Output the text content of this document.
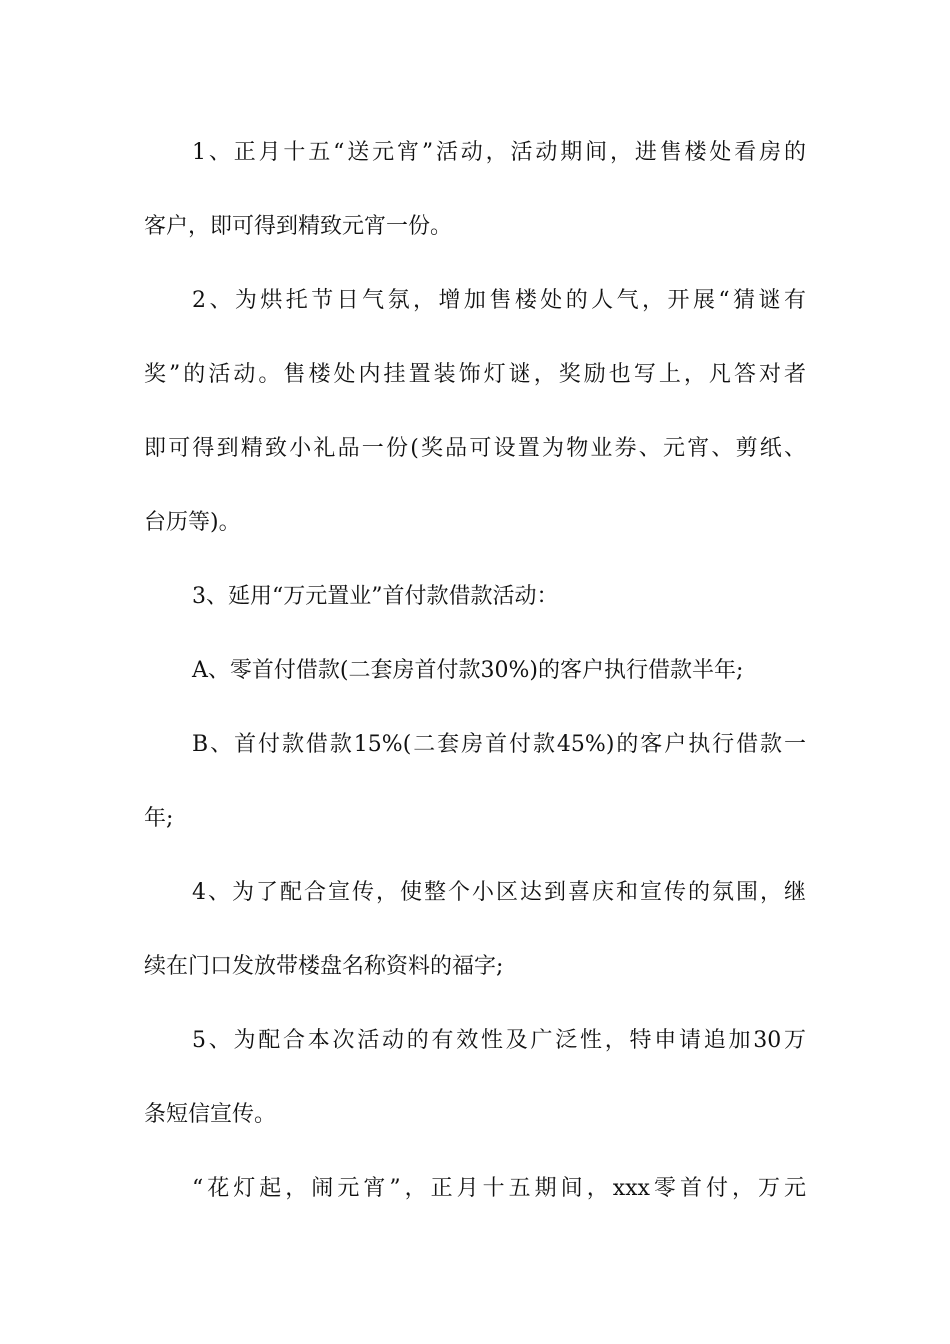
1、正月十五“送元宵”活动，活动期间，进售楼处看房的
客户，即可得到精致元宵一份。
2、为烘托节日气氛，增加售楼处的人气，开展“猜谜有
奖”的活动。售楼处内挂置装饰灯谜，奖励也写上，凡答对者
即可得到精致小礼品一份(奖品可设置为物业券、元宵、剪纸、
台历等)。
3、延用“万元置业”首付款借款活动：
A、零首付借款(二套房首付款30%)的客户执行借款半年;
B、首付款借款15%(二套房首付款45%)的客户执行借款一
年;
4、为了配合宣传，使整个小区达到喜庆和宣传的氛围，继
续在门口发放带楼盘名称资料的福字;
5、为配合本次活动的有效性及广泛性，特申请追加30万
条短信宣传。
“花灯起，闹元宵”，正月十五期间，xxx零首付，万元
